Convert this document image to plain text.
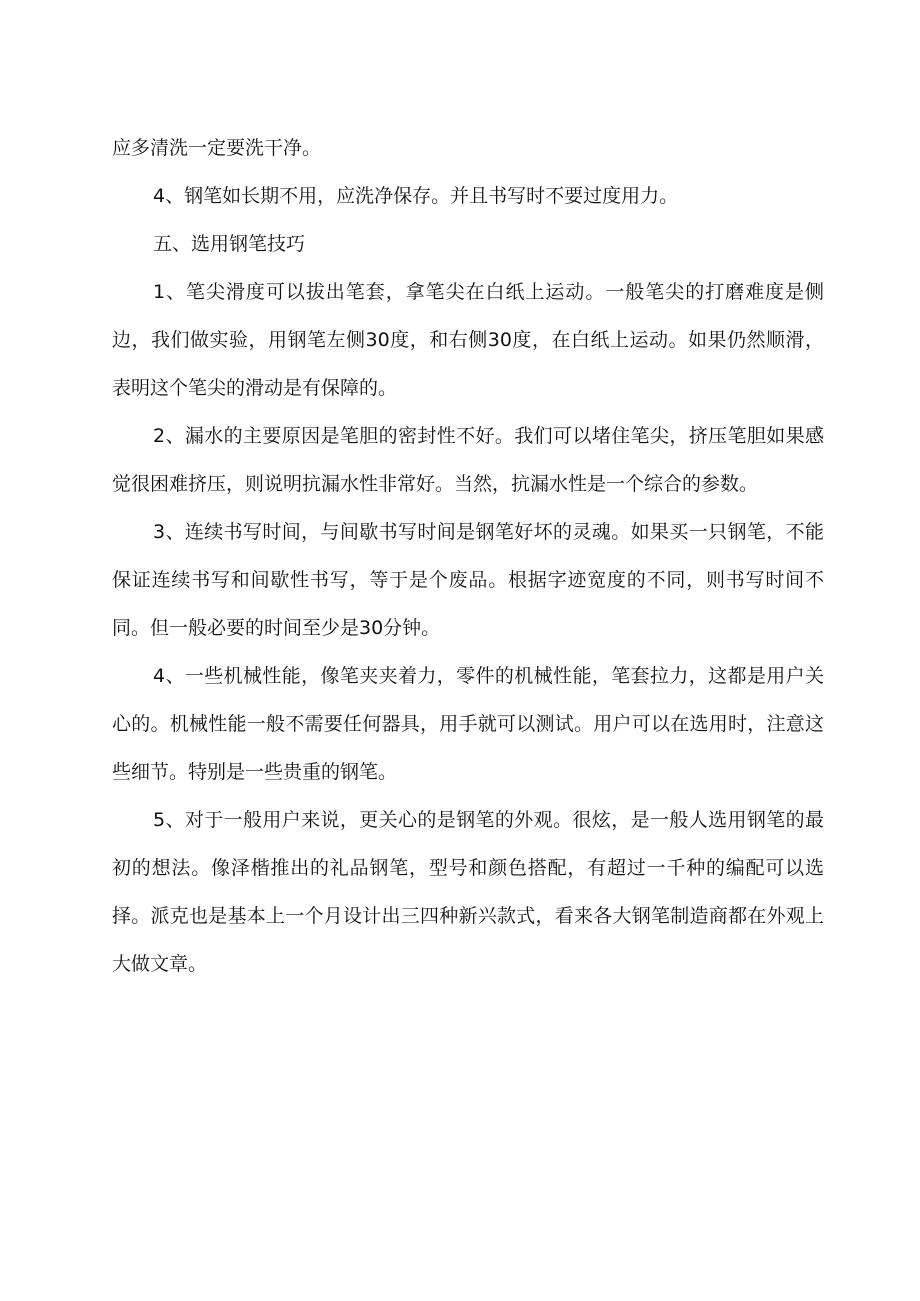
应多清洗一定要洗干净。

4、钢笔如长期不用，应洗净保存。并且书写时不要过度用力。

五、选用钢笔技巧

1、笔尖滑度可以拔出笔套，拿笔尖在白纸上运动。一般笔尖的打磨难度是侧边，我们做实验，用钢笔左侧30度，和右侧30度，在白纸上运动。如果仍然顺滑，表明这个笔尖的滑动是有保障的。

2、漏水的主要原因是笔胆的密封性不好。我们可以堵住笔尖，挤压笔胆如果感觉很困难挤压，则说明抗漏水性非常好。当然，抗漏水性是一个综合的参数。

3、连续书写时间，与间歇书写时间是钢笔好坏的灵魂。如果买一只钢笔，不能保证连续书写和间歇性书写，等于是个废品。根据字迹宽度的不同，则书写时间不同。但一般必要的时间至少是30分钟。

4、一些机械性能，像笔夹夹着力，零件的机械性能，笔套拉力，这都是用户关心的。机械性能一般不需要任何器具，用手就可以测试。用户可以在选用时，注意这些细节。特别是一些贵重的钢笔。

5、对于一般用户来说，更关心的是钢笔的外观。很炫，是一般人选用钢笔的最初的想法。像泽楷推出的礼品钢笔，型号和颜色搭配，有超过一千种的编配可以选择。派克也是基本上一个月设计出三四种新兴款式，看来各大钢笔制造商都在外观上大做文章。
